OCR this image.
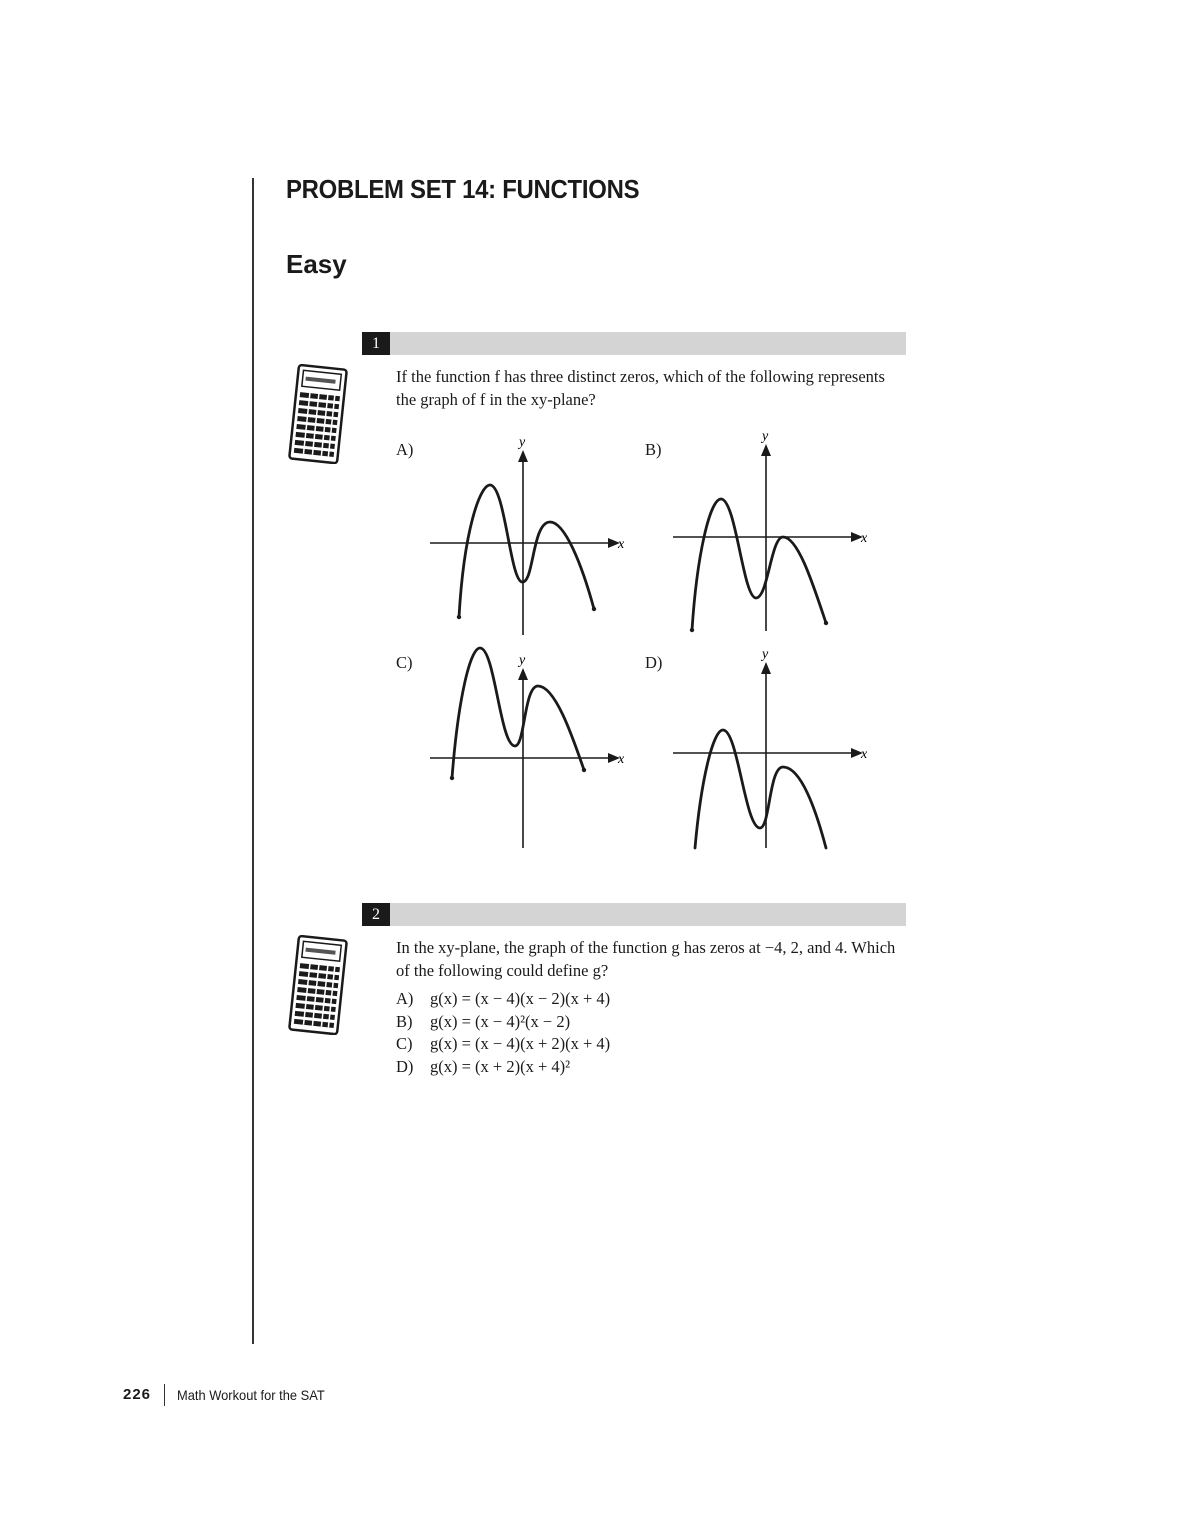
PROBLEM SET 14: FUNCTIONS
Easy
1

If the function f has three distinct zeros, which of the following represents the graph of f in the xy-plane?

A)	B)
C)	D)
x
y
x
y
x
y
x
y
2

In the xy-plane, the graph of the function g has zeros at −4, 2, and 4. Which of the following could define g?

A) g(x) = (x − 4)(x − 2)(x + 4)
B) g(x) = (x − 4)²(x − 2)
C) g(x) = (x − 4)(x + 2)(x + 4)
D) g(x) = (x + 2)(x + 4)²
226 Math Workout for the SAT
